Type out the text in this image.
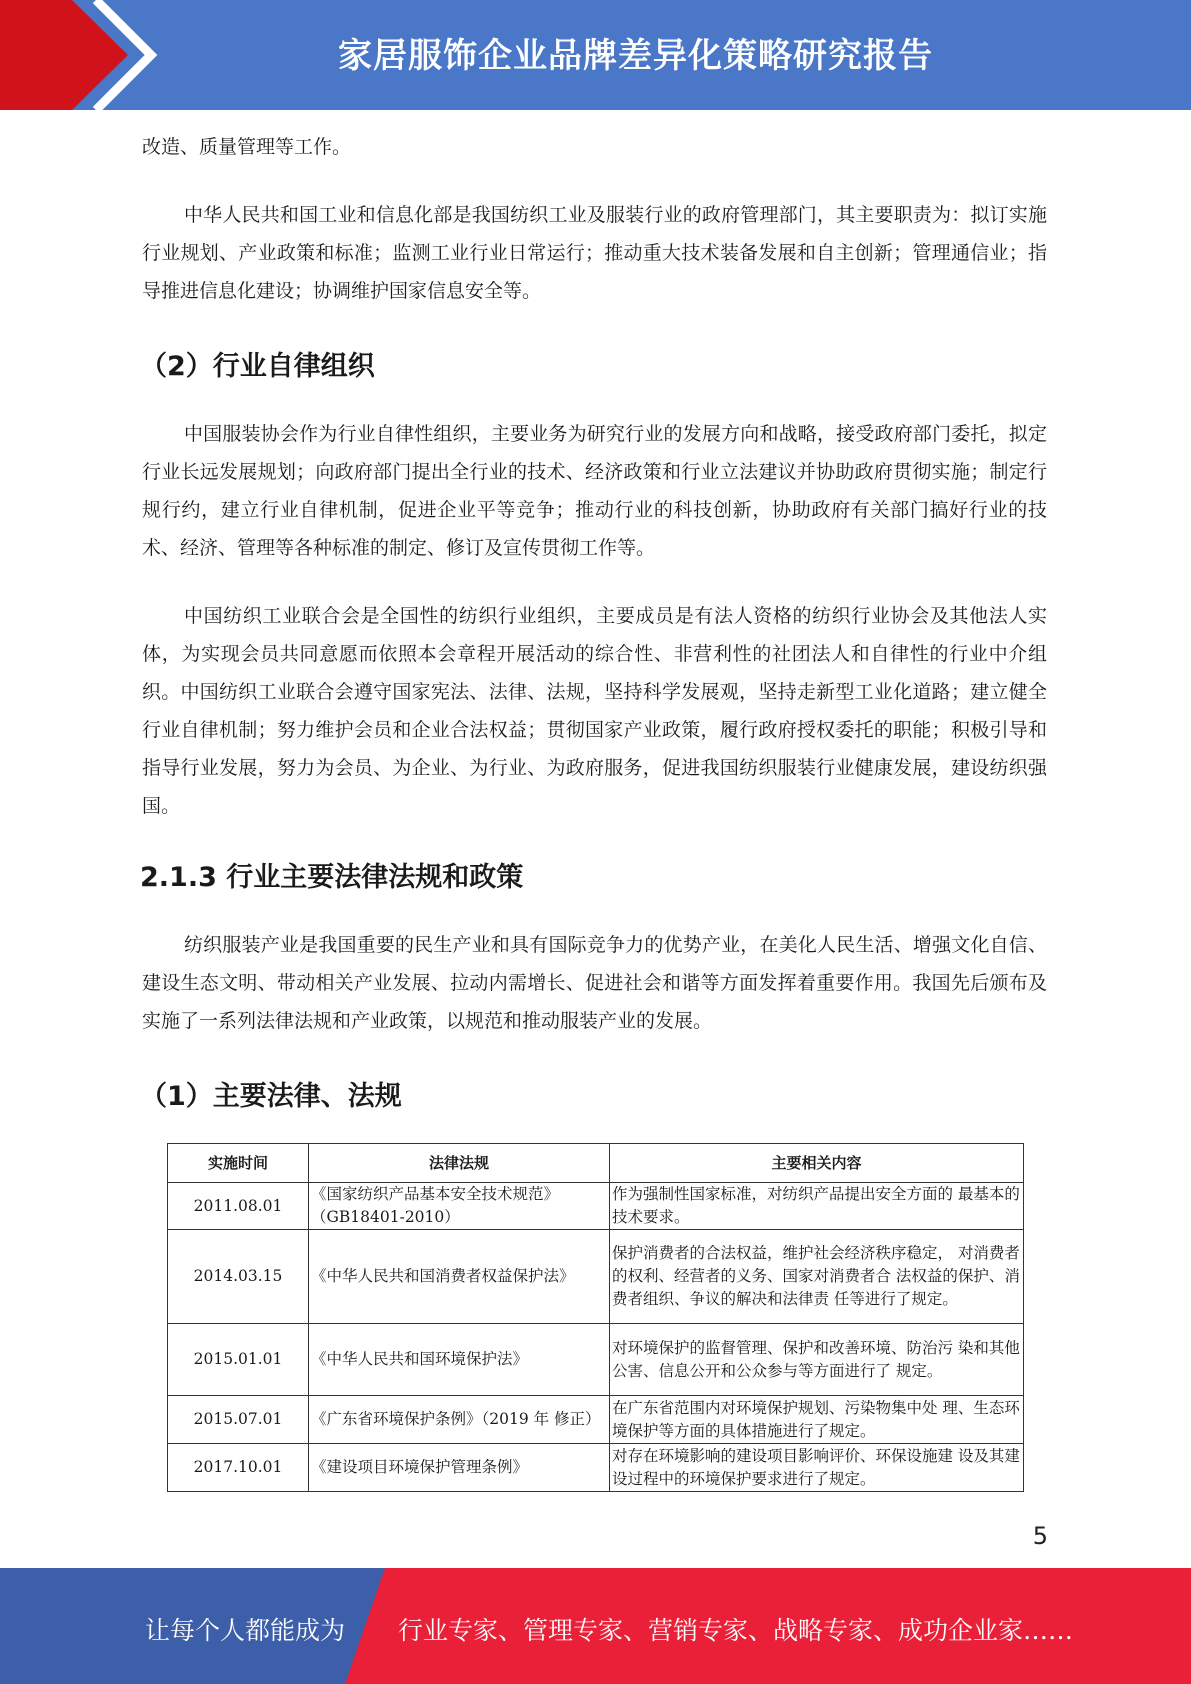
家居服饰企业品牌差异化策略研究报告

改造、质量管理等工作。

中华人民共和国工业和信息化部是我国纺织工业及服装行业的政府管理部门，其主要职责为：拟订实施行业规划、产业政策和标准；监测工业行业日常运行；推动重大技术装备发展和自主创新；管理通信业；指导推进信息化建设；协调维护国家信息安全等。

（2）行业自律组织

中国服装协会作为行业自律性组织，主要业务为研究行业的发展方向和战略，接受政府部门委托，拟定行业长远发展规划；向政府部门提出全行业的技术、经济政策和行业立法建议并协助政府贯彻实施；制定行规行约，建立行业自律机制，促进企业平等竞争；推动行业的科技创新，协助政府有关部门搞好行业的技术、经济、管理等各种标准的制定、修订及宣传贯彻工作等。

中国纺织工业联合会是全国性的纺织行业组织，主要成员是有法人资格的纺织行业协会及其他法人实体，为实现会员共同意愿而依照本会章程开展活动的综合性、非营利性的社团法人和自律性的行业中介组织。中国纺织工业联合会遵守国家宪法、法律、法规，坚持科学发展观，坚持走新型工业化道路；建立健全行业自律机制；努力维护会员和企业合法权益；贯彻国家产业政策，履行政府授权委托的职能；积极引导和指导行业发展，努力为会员、为企业、为行业、为政府服务，促进我国纺织服装行业健康发展，建设纺织强国。

2.1.3 行业主要法律法规和政策

纺织服装产业是我国重要的民生产业和具有国际竞争力的优势产业，在美化人民生活、增强文化自信、建设生态文明、带动相关产业发展、拉动内需增长、促进社会和谐等方面发挥着重要作用。我国先后颁布及实施了一系列法律法规和产业政策，以规范和推动服装产业的发展。

（1）主要法律、法规
实施时间	法律法规	主要相关内容
2011.08.01	《国家纺织产品基本安全技术规范》（GB18401-2010）	作为强制性国家标准，对纺织产品提出安全方面的 最基本的技术要求。
2014.03.15	《中华人民共和国消费者权益保护法》	保护消费者的合法权益，维护社会经济秩序稳定， 对消费者的权利、经营者的义务、国家对消费者合 法权益的保护、消费者组织、争议的解决和法律责 任等进行了规定。
2015.01.01	《中华人民共和国环境保护法》	对环境保护的监督管理、保护和改善环境、防治污 染和其他公害、信息公开和公众参与等方面进行了 规定。
2015.07.01	《广东省环境保护条例》（2019 年 修正）	在广东省范围内对环境保护规划、污染物集中处 理、生态环境保护等方面的具体措施进行了规定。
2017.10.01	《建设项目环境保护管理条例》	对存在环境影响的建设项目影响评价、环保设施建 设及其建设过程中的环境保护要求进行了规定。
5
让每个人都能成为 行业专家、管理专家、营销专家、战略专家、成功企业家……
